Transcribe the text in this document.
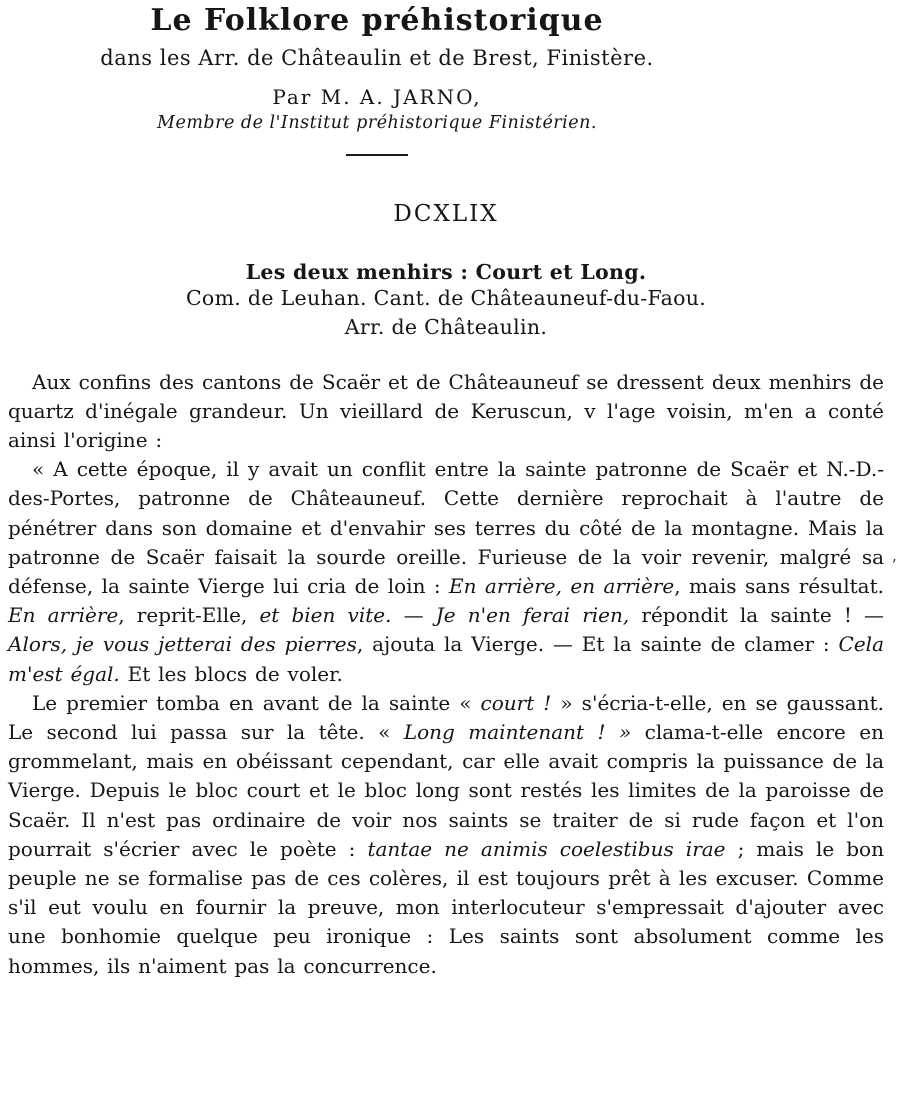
Le Folklore préhistorique
dans les Arr. de Châteaulin et de Brest, Finistère.
Par M. A. JARNO,
Membre de l'Institut préhistorique Finistérien.
DCXLIX
Les deux menhirs : Court et Long.
Com. de Leuhan. Cant. de Châteauneuf-du-Faou.
Arr. de Châteaulin.

Aux confins des cantons de Scaër et de Châteauneuf se dressent deux menhirs de quartz d'inégale grandeur. Un vieillard de Keruscun, v l'age voisin, m'en a conté ainsi l'origine :

« A cette époque, il y avait un conflit entre la sainte patronne de Scaër et N.-D.-des-Portes, patronne de Châteauneuf. Cette dernière reprochait à l'autre de pénétrer dans son domaine et d'envahir ses terres du côté de la montagne. Mais la patronne de Scaër faisait la sourde oreille. Furieuse de la voir revenir, malgré sa défense, la sainte Vierge lui cria de loin : En arrière, en arrière, mais sans résultat. En arrière, reprit-Elle, et bien vite. — Je n'en ferai rien, répondit la sainte ! — Alors, je vous jetterai des pierres, ajouta la Vierge. — Et la sainte de clamer : Cela m'est égal. Et les blocs de voler.

Le premier tomba en avant de la sainte « court ! » s'écria-t-elle, en se gaussant. Le second lui passa sur la tête. « Long maintenant ! » clama-t-elle encore en grommelant, mais en obéissant cependant, car elle avait compris la puissance de la Vierge. Depuis le bloc court et le bloc long sont restés les limites de la paroisse de Scaër. Il n'est pas ordinaire de voir nos saints se traiter de si rude façon et l'on pourrait s'écrier avec le poète : tantae ne animis coelestibus irae ; mais le bon peuple ne se formalise pas de ces colères, il est toujours prêt à les excuser. Comme s'il eut voulu en fournir la preuve, mon interlocuteur s'empressait d'ajouter avec une bonhomie quelque peu ironique : Les saints sont absolument comme les hommes, ils n'aiment pas la concurrence.

ʼ
